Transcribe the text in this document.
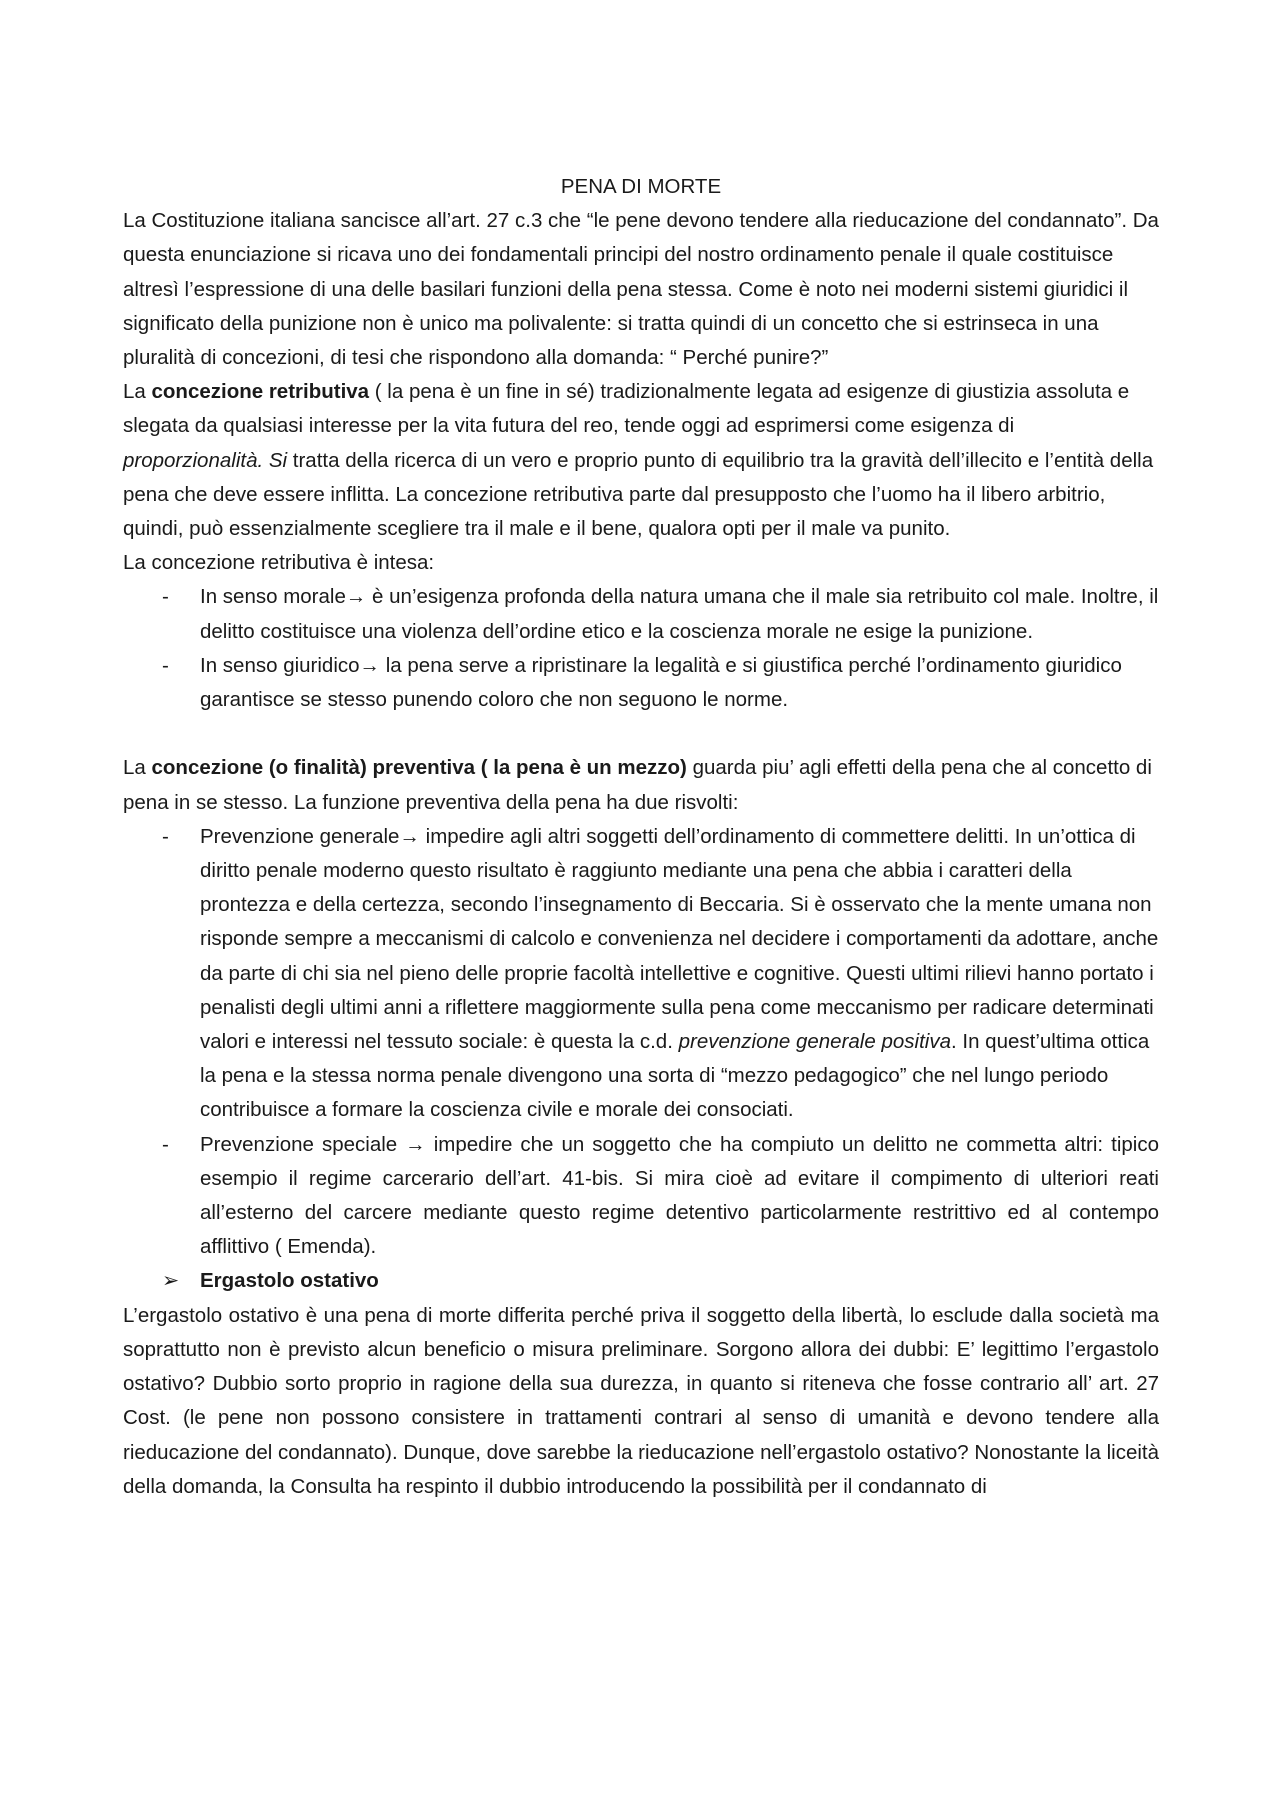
PENA DI MORTE

La Costituzione italiana sancisce all’art. 27 c.3 che “le pene devono tendere alla rieducazione del condannato”. Da questa enunciazione si ricava uno dei fondamentali principi del nostro ordinamento penale il quale costituisce altresì l’espressione di una delle basilari funzioni della pena stessa. Come è noto nei moderni sistemi giuridici il significato della punizione non è unico ma polivalente: si tratta quindi di un concetto che si estrinseca in una pluralità di concezioni, di tesi che rispondono alla domanda: “ Perché punire?”

La concezione retributiva ( la pena è un fine in sé) tradizionalmente legata ad esigenze di giustizia assoluta e slegata da qualsiasi interesse per la vita futura del reo, tende oggi ad esprimersi come esigenza di proporzionalità. Si tratta della ricerca di un vero e proprio punto di equilibrio tra la gravità dell’illecito e l’entità della pena che deve essere inflitta. La concezione retributiva parte dal presupposto che l’uomo ha il libero arbitrio, quindi, può essenzialmente scegliere tra il male e il bene, qualora opti per il male va punito.

La concezione retributiva è intesa:

- In senso morale→ è un’esigenza profonda della natura umana che il male sia retribuito col male. Inoltre, il delitto costituisce una violenza dell’ordine etico e la coscienza morale ne esige la punizione.
- In senso giuridico→ la pena serve a ripristinare la legalità e si giustifica perché l’ordinamento giuridico garantisce se stesso punendo coloro che non seguono le norme.

La concezione (o finalità) preventiva ( la pena è un mezzo) guarda piu’ agli effetti della pena che al concetto di pena in se stesso. La funzione preventiva della pena ha due risvolti:

- Prevenzione generale→ impedire agli altri soggetti dell’ordinamento di commettere delitti. In un’ottica di diritto penale moderno questo risultato è raggiunto mediante una pena che abbia i caratteri della prontezza e della certezza, secondo l’insegnamento di Beccaria. Si è osservato che la mente umana non risponde sempre a meccanismi di calcolo e convenienza nel decidere i comportamenti da adottare, anche da parte di chi sia nel pieno delle proprie facoltà intellettive e cognitive. Questi ultimi rilievi hanno portato i penalisti degli ultimi anni a riflettere maggiormente sulla pena come meccanismo per radicare determinati valori e interessi nel tessuto sociale: è questa la c.d. prevenzione generale positiva. In quest’ultima ottica la pena e la stessa norma penale divengono una sorta di “mezzo pedagogico” che nel lungo periodo contribuisce a formare la coscienza civile e morale dei consociati.
- Prevenzione speciale → impedire che un soggetto che ha compiuto un delitto ne commetta altri: tipico esempio il regime carcerario dell’art. 41-bis. Si mira cioè ad evitare il compimento di ulteriori reati all’esterno del carcere mediante questo regime detentivo particolarmente restrittivo ed al contempo afflittivo ( Emenda).
➢ Ergastolo ostativo

L’ergastolo ostativo è una pena di morte differita perché priva il soggetto della libertà, lo esclude dalla società ma soprattutto non è previsto alcun beneficio o misura preliminare. Sorgono allora dei dubbi: E’ legittimo l’ergastolo ostativo? Dubbio sorto proprio in ragione della sua durezza, in quanto si riteneva che fosse contrario all’ art. 27 Cost. (le pene non possono consistere in trattamenti contrari al senso di umanità e devono tendere alla rieducazione del condannato). Dunque, dove sarebbe la rieducazione nell’ergastolo ostativo? Nonostante la liceità della domanda, la Consulta ha respinto il dubbio introducendo la possibilità per il condannato di
